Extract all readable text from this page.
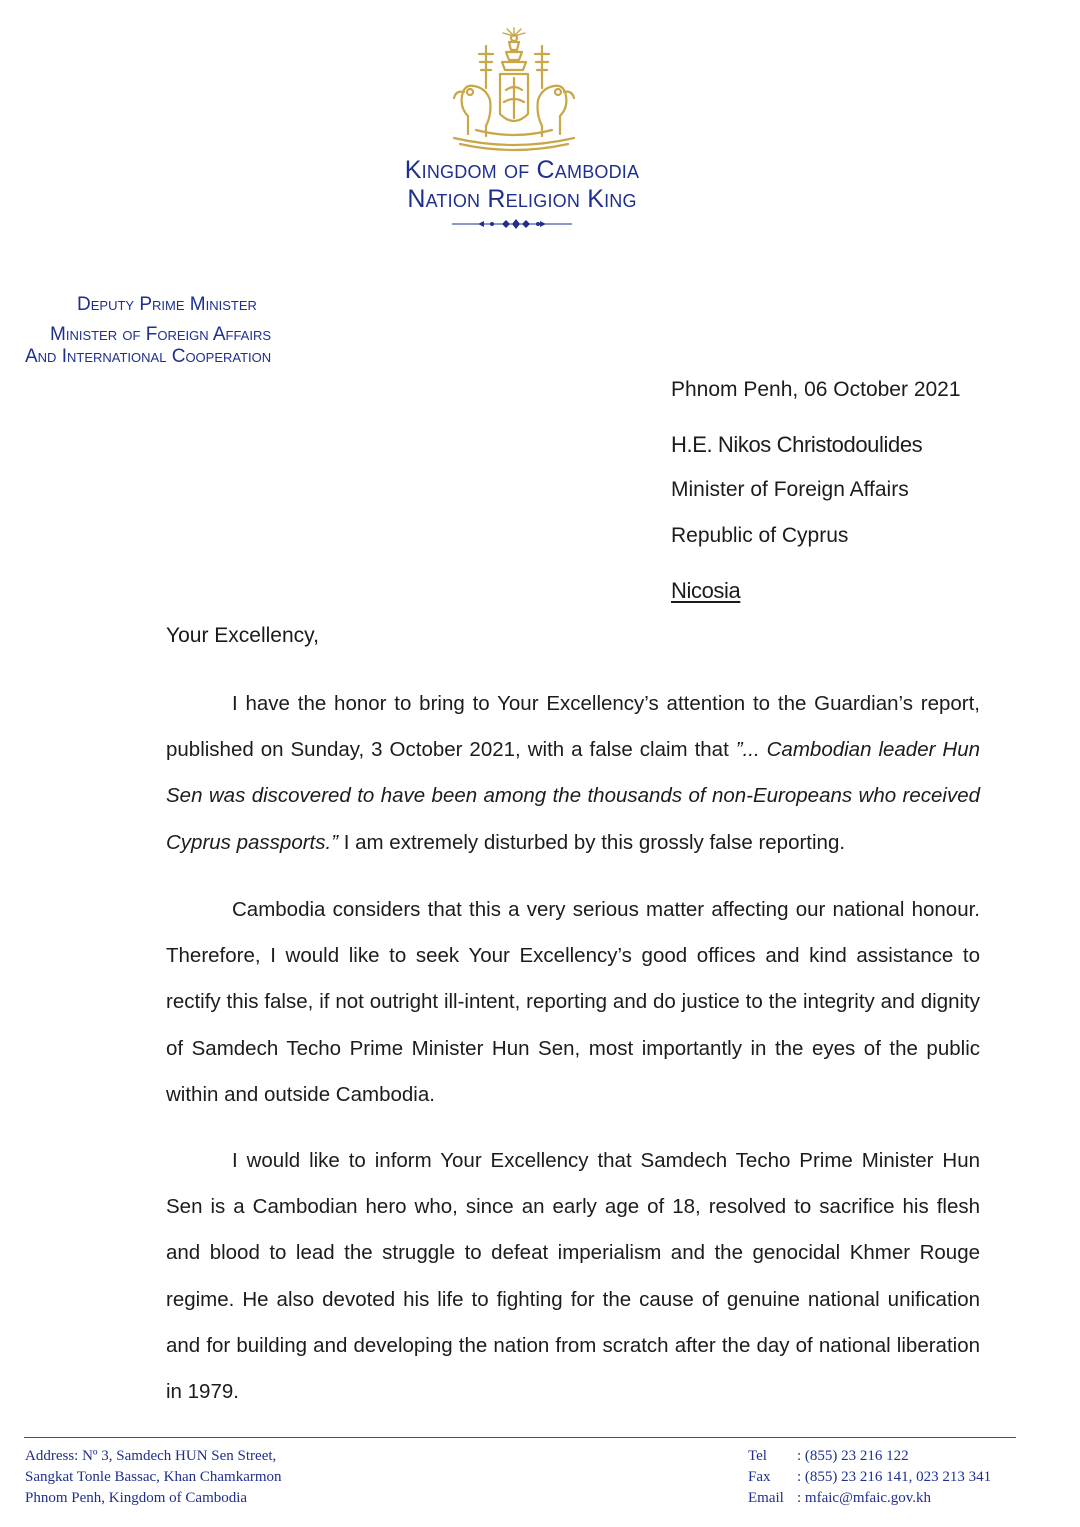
Kingdom of Cambodia
Nation Religion King
Deputy Prime Minister
Minister of Foreign Affairs
And International Cooperation
Phnom Penh, 06 October 2021
H.E. Nikos Christodoulides
Minister of Foreign Affairs
Republic of Cyprus
Nicosia
Your Excellency,
I have the honor to bring to Your Excellency’s attention to the Guardian’s report, published on Sunday, 3 October 2021, with a false claim that ”... Cambodian leader Hun Sen was discovered to have been among the thousands of non-Europeans who received Cyprus passports.” I am extremely disturbed by this grossly false reporting.
Cambodia considers that this a very serious matter affecting our national honour. Therefore, I would like to seek Your Excellency’s good offices and kind assistance to rectify this false, if not outright ill-intent, reporting and do justice to the integrity and dignity of Samdech Techo Prime Minister Hun Sen, most importantly in the eyes of the public within and outside Cambodia.
I would like to inform Your Excellency that Samdech Techo Prime Minister Hun Sen is a Cambodian hero who, since an early age of 18, resolved to sacrifice his flesh and blood to lead the struggle to defeat imperialism and the genocidal Khmer Rouge regime. He also devoted his life to fighting for the cause of genuine national unification and for building and developing the nation from scratch after the day of national liberation in 1979.
Address: Nº 3, Samdech HUN Sen Street,
Sangkat Tonle Bassac, Khan Chamkarmon
Phnom Penh, Kingdom of Cambodia
Tel : (855) 23 216 122
Fax : (855) 23 216 141, 023 213 341
Email : mfaic@mfaic.gov.kh
